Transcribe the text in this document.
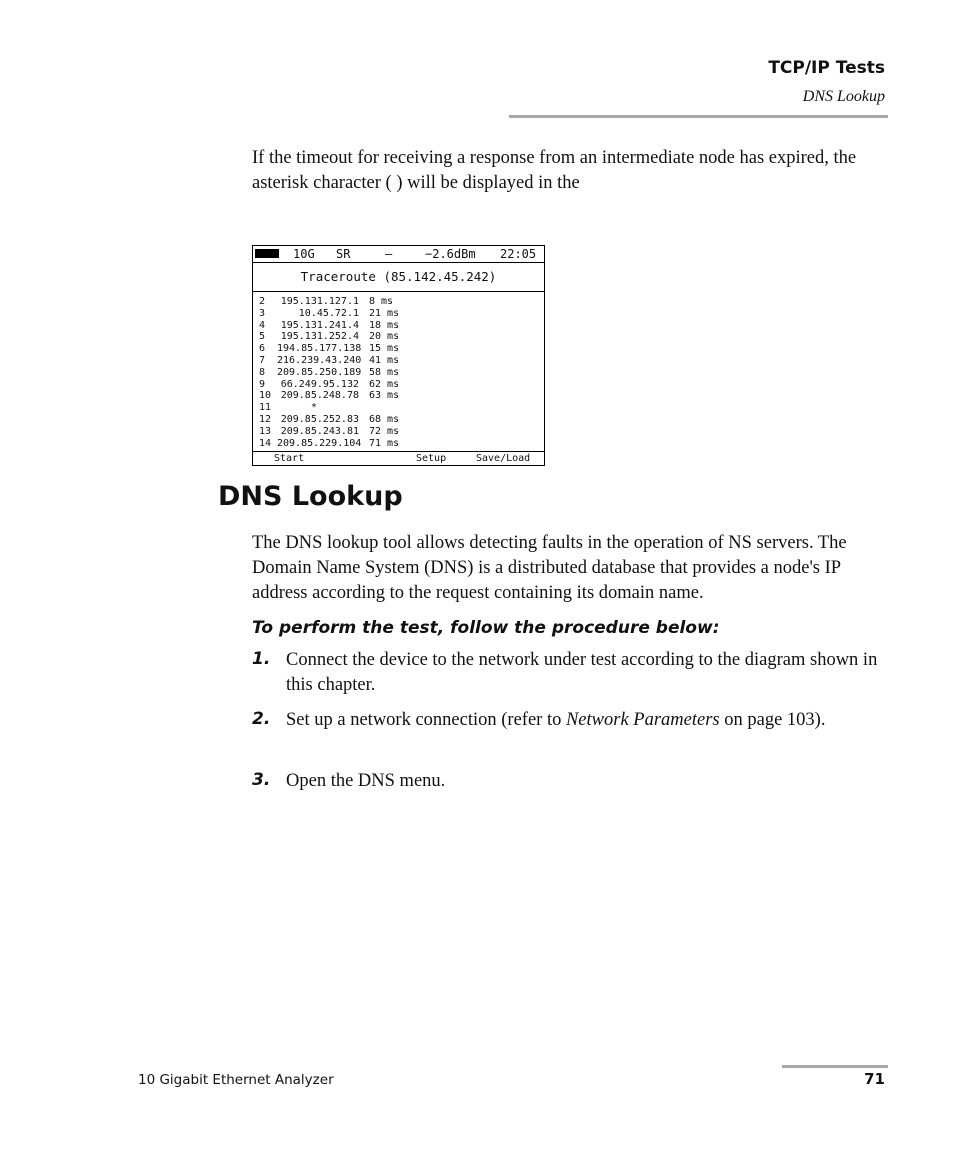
TCP/IP Tests
DNS Lookup
If the timeout for receiving a response from an intermediate node has expired, the asterisk character ( ) will be displayed in the
10G SR	–	−2.6dBm 22:05
Traceroute (85.142.45.242)
2	195.131.127.1 8 ms
3	10.45.72.1 21 ms
4	195.131.241.4 18 ms
5	195.131.252.4 20 ms
6	194.85.177.138 15 ms
7	216.239.43.240 41 ms
8	209.85.250.189 58 ms
9	66.249.95.132 62 ms
10 209.85.248.78 63 ms
11	*
12 209.85.252.83 68 ms
13 209.85.243.81 72 ms
14 209.85.229.104 71 ms
Start	Setup	Save/Load
DNS Lookup
The DNS lookup tool allows detecting faults in the operation of NS servers. The Domain Name System (DNS) is a distributed database that provides a node's IP address according to the request containing its domain name.
To perform the test, follow the procedure below:
1. Connect the device to the network under test according to the diagram shown in this chapter.
2. Set up a network connection (refer to Network Parameters on page 103).
3. Open the DNS menu.
10 Gigabit Ethernet Analyzer	71
